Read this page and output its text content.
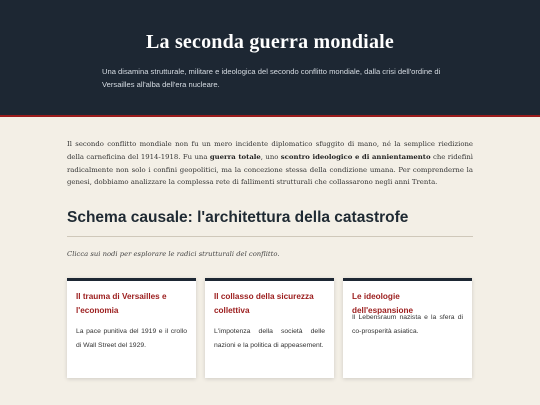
La seconda guerra mondiale

Una disamina strutturale, militare e ideologica del secondo conflitto mondiale, dalla crisi dell'ordine di Versailles all'alba dell'era nucleare.

Il secondo conflitto mondiale non fu un mero incidente diplomatico sfuggito di mano, né la semplice riedizione della carneficina del 1914-1918. Fu una guerra totale, uno scontro ideologico e di annientamento che ridefinì radicalmente non solo i confini geopolitici, ma la concezione stessa della condizione umana. Per comprenderne la genesi, dobbiamo analizzare la complessa rete di fallimenti strutturali che collassarono negli anni Trenta.

Schema causale: l'architettura della catastrofe

Clicca sui nodi per esplorare le radici strutturali del conflitto.

Il trauma di Versailles e l'economia
La pace punitiva del 1919 e il crollo di Wall Street del 1929.
Il collasso della sicurezza collettiva
L'impotenza della società delle nazioni e la politica di appeasement.
Le ideologie dell'espansione
Il Lebensraum nazista e la sfera di co-prosperità asiatica.
